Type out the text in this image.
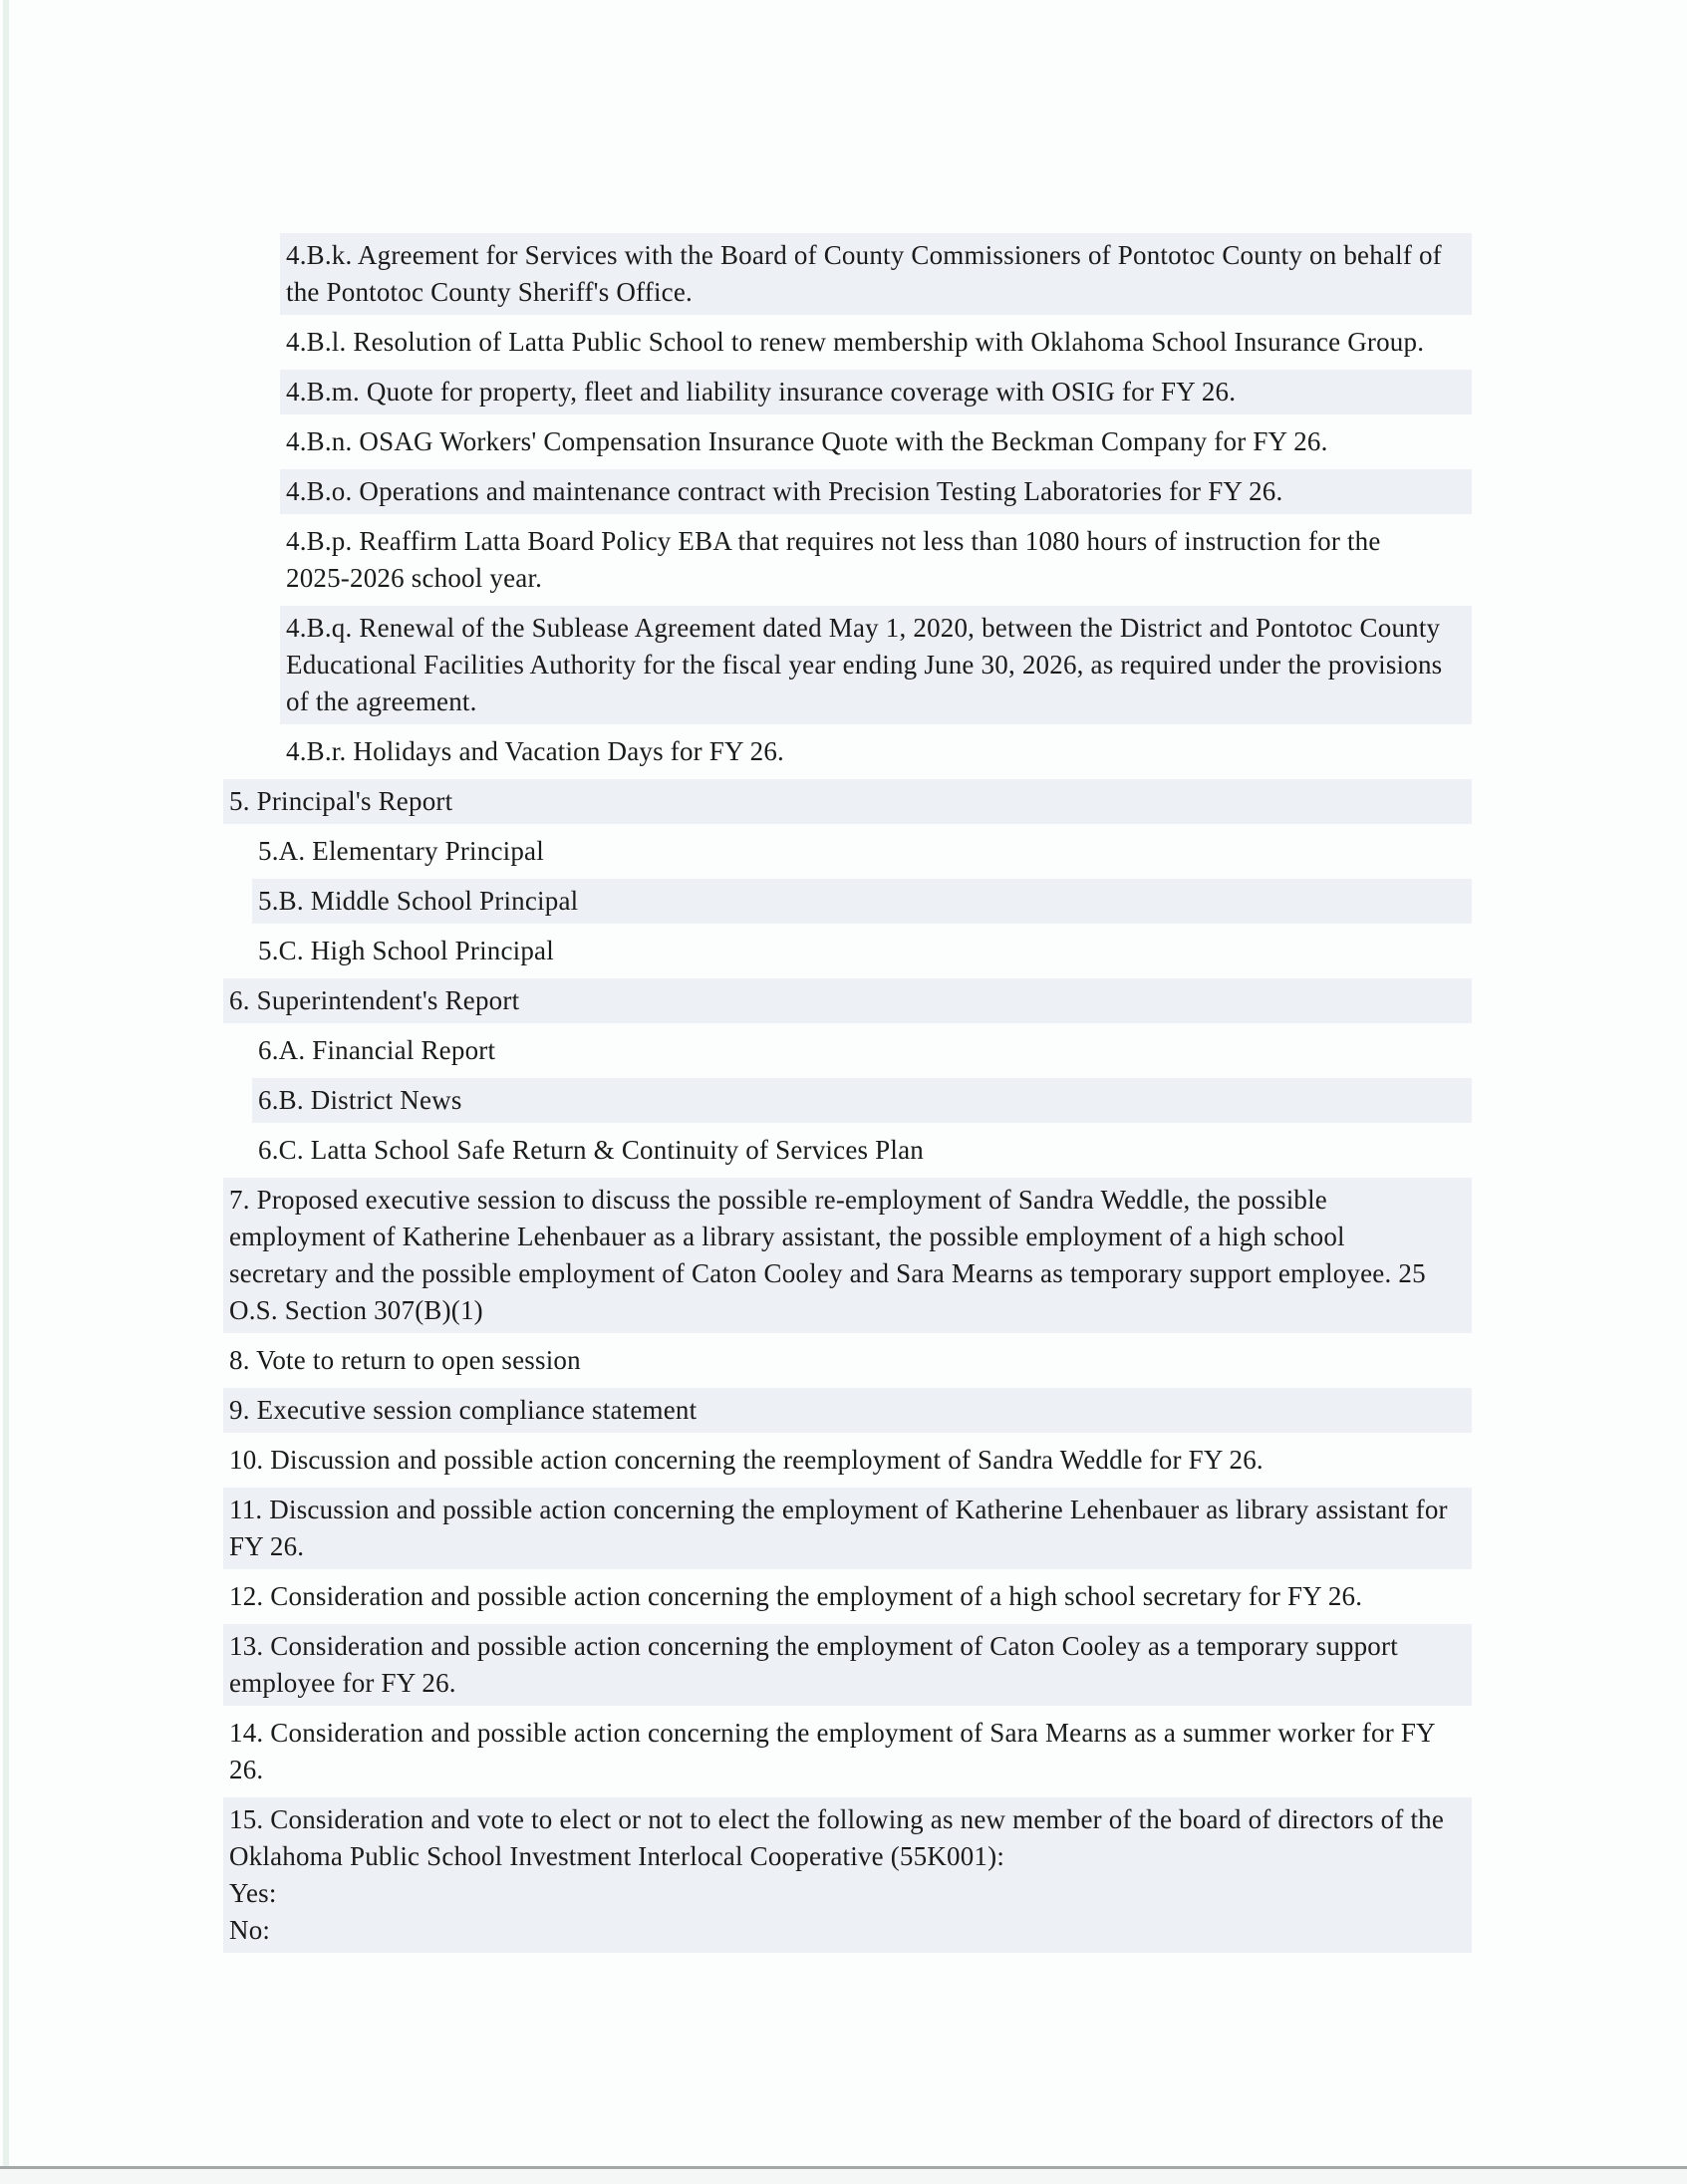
4.B.k. Agreement for Services with the Board of County Commissioners of Pontotoc County on behalf of
the Pontotoc County Sheriff's Office.
4.B.l. Resolution of Latta Public School to renew membership with Oklahoma School Insurance Group.
4.B.m. Quote for property, fleet and liability insurance coverage with OSIG for FY 26.
4.B.n. OSAG Workers' Compensation Insurance Quote with the Beckman Company for FY 26.
4.B.o. Operations and maintenance contract with Precision Testing Laboratories for FY 26.
4.B.p. Reaffirm Latta Board Policy EBA that requires not less than 1080 hours of instruction for the
2025-2026 school year.
4.B.q. Renewal of the Sublease Agreement dated May 1, 2020, between the District and Pontotoc County
Educational Facilities Authority for the fiscal year ending June 30, 2026, as required under the provisions
of the agreement.
4.B.r. Holidays and Vacation Days for FY 26.
5. Principal's Report
5.A. Elementary Principal
5.B. Middle School Principal
5.C. High School Principal
6. Superintendent's Report
6.A. Financial Report
6.B. District News
6.C. Latta School Safe Return & Continuity of Services Plan
7. Proposed executive session to discuss the possible re-employment of Sandra Weddle, the possible
employment of Katherine Lehenbauer as a library assistant, the possible employment of a high school
secretary and the possible employment of Caton Cooley and Sara Mearns as temporary support employee. 25
O.S. Section 307(B)(1)
8. Vote to return to open session
9. Executive session compliance statement
10. Discussion and possible action concerning the reemployment of Sandra Weddle for FY 26.
11. Discussion and possible action concerning the employment of Katherine Lehenbauer as library assistant for
FY 26.
12. Consideration and possible action concerning the employment of a high school secretary for FY 26.
13. Consideration and possible action concerning the employment of Caton Cooley as a temporary support
employee for FY 26.
14. Consideration and possible action concerning the employment of Sara Mearns as a summer worker for FY
26.
15. Consideration and vote to elect or not to elect the following as new member of the board of directors of the
Oklahoma Public School Investment Interlocal Cooperative (55K001):
Yes:
No:
